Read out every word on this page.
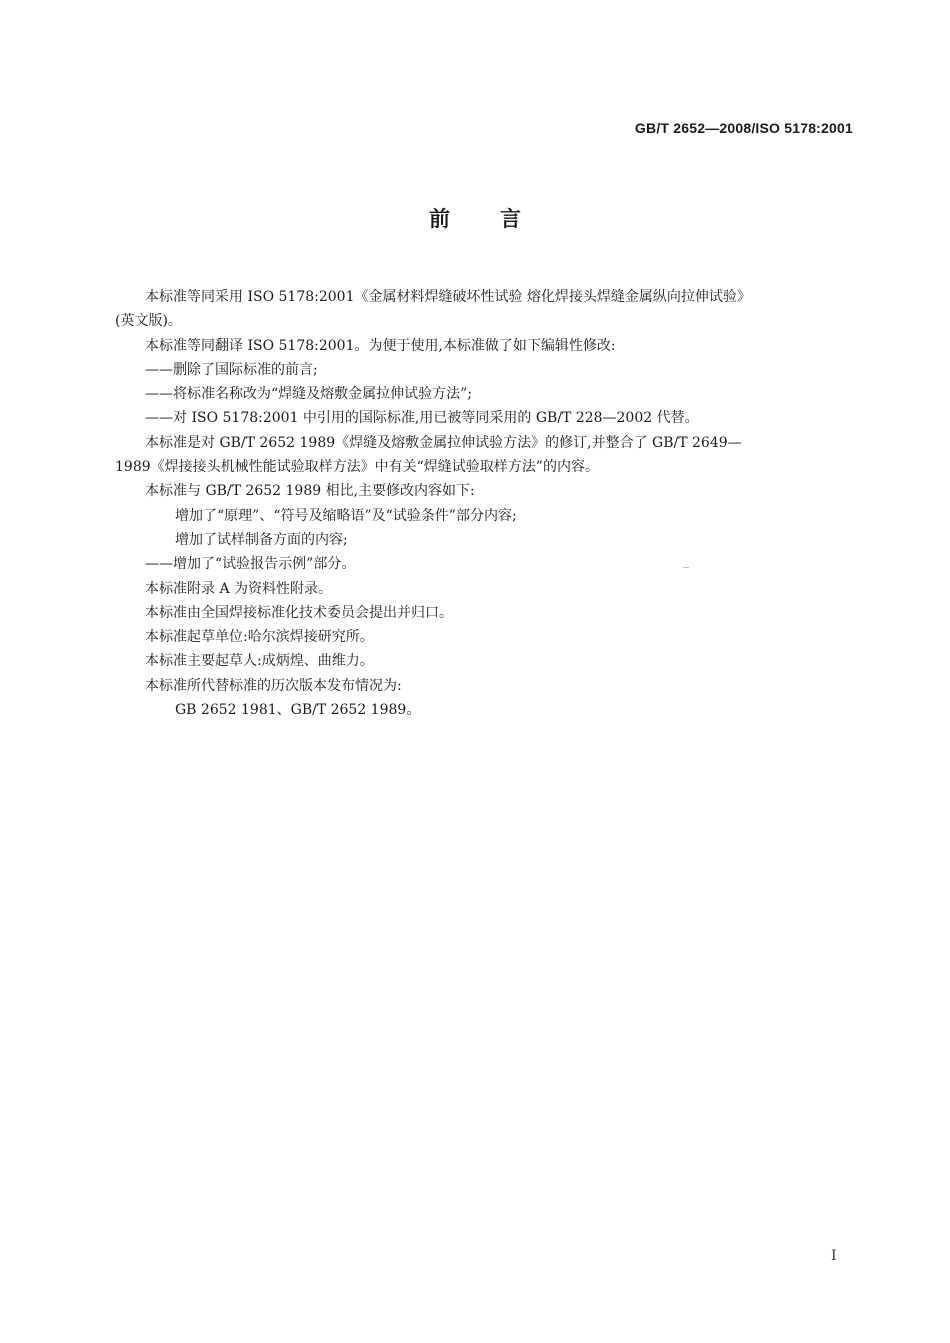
GB/T 2652—2008/ISO 5178:2001
前言
本标准等同采用 ISO 5178:2001《金属材料焊缝破坏性试验 熔化焊接头焊缝金属纵向拉伸试验》
(英文版)。
本标准等同翻译 ISO 5178:2001。为便于使用,本标准做了如下编辑性修改:
——删除了国际标准的前言;
——将标准名称改为“焊缝及熔敷金属拉伸试验方法”;
——对 ISO 5178:2001 中引用的国际标准,用已被等同采用的 GB/T 228—2002 代替。
本标准是对 GB/T 2652 1989《焊缝及熔敷金属拉伸试验方法》的修订,并整合了 GB/T 2649—
1989《焊接接头机械性能试验取样方法》中有关“焊缝试验取样方法”的内容。
本标准与 GB/T 2652 1989 相比,主要修改内容如下:
增加了“原理”、“符号及缩略语”及“试验条件”部分内容;
增加了试样制备方面的内容;
——增加了“试验报告示例”部分。
本标准附录 A 为资料性附录。
本标准由全国焊接标准化技术委员会提出并归口。
本标准起草单位:哈尔滨焊接研究所。
本标准主要起草人:成炳煌、曲维力。
本标准所代替标准的历次版本发布情况为:
GB 2652 1981、GB/T 2652 1989。
I
